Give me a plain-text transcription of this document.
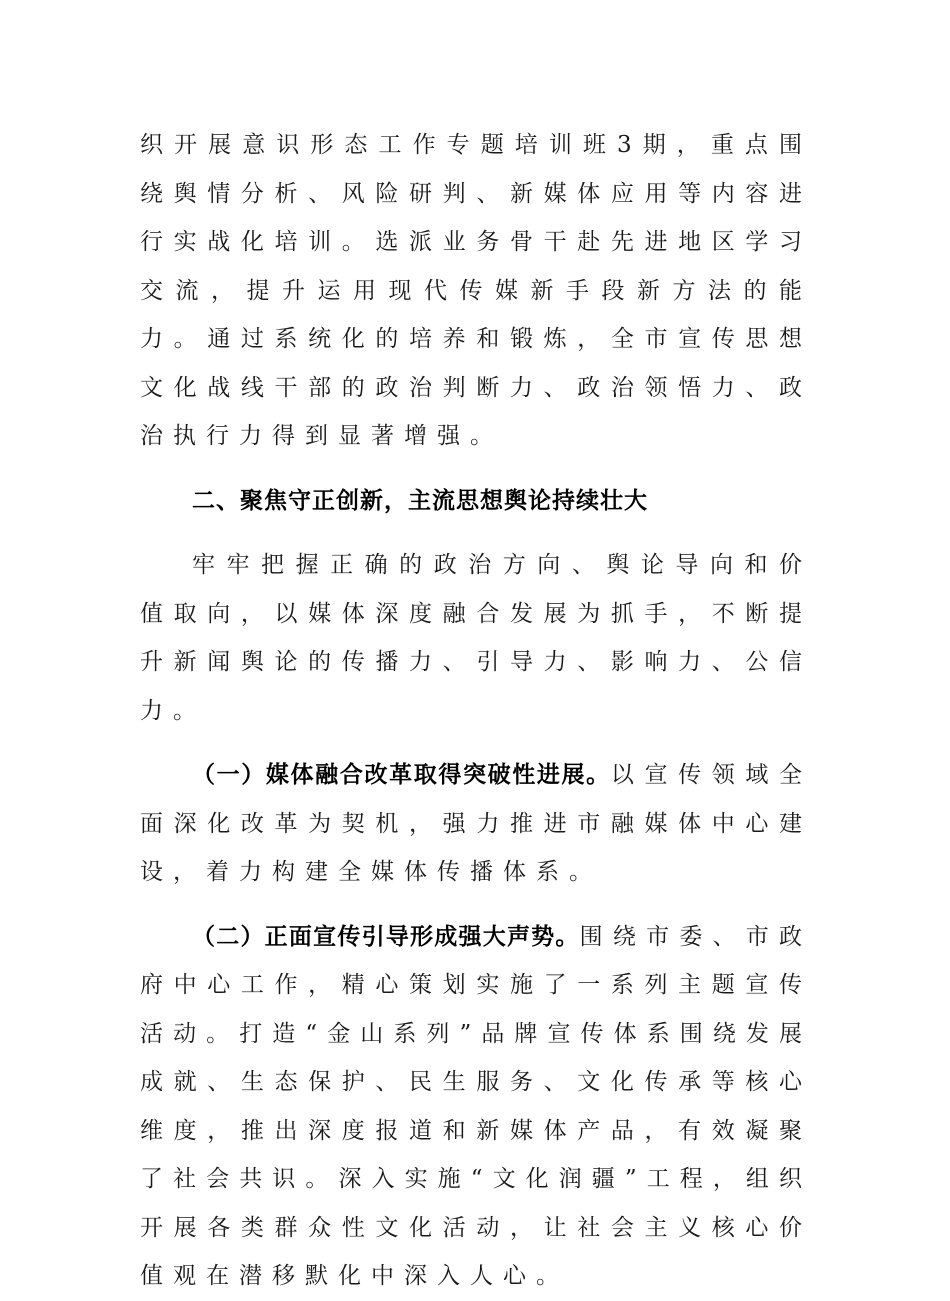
织开展意识形态工作专题培训班3期，重点围绕舆情分析、风险研判、新媒体应用等内容进行实战化培训。选派业务骨干赴先进地区学习交流，提升运用现代传媒新手段新方法的能力。通过系统化的培养和锻炼，全市宣传思想文化战线干部的政治判断力、政治领悟力、政治执行力得到显著增强。

二、聚焦守正创新，主流思想舆论持续壮大

牢牢把握正确的政治方向、舆论导向和价值取向，以媒体深度融合发展为抓手，不断提升新闻舆论的传播力、引导力、影响力、公信力。

（一）媒体融合改革取得突破性进展。以宣传领域全面深化改革为契机，强力推进市融媒体中心建设，着力构建全媒体传播体系。

（二）正面宣传引导形成强大声势。围绕市委、市政府中心工作，精心策划实施了一系列主题宣传活动。打造“金山系列”品牌宣传体系围绕发展成就、生态保护、民生服务、文化传承等核心维度，推出深度报道和新媒体产品，有效凝聚了社会共识。深入实施“文化润疆”工程，组织开展各类群众性文化活动，让社会主义核心价值观在潜移默化中深入人心。
